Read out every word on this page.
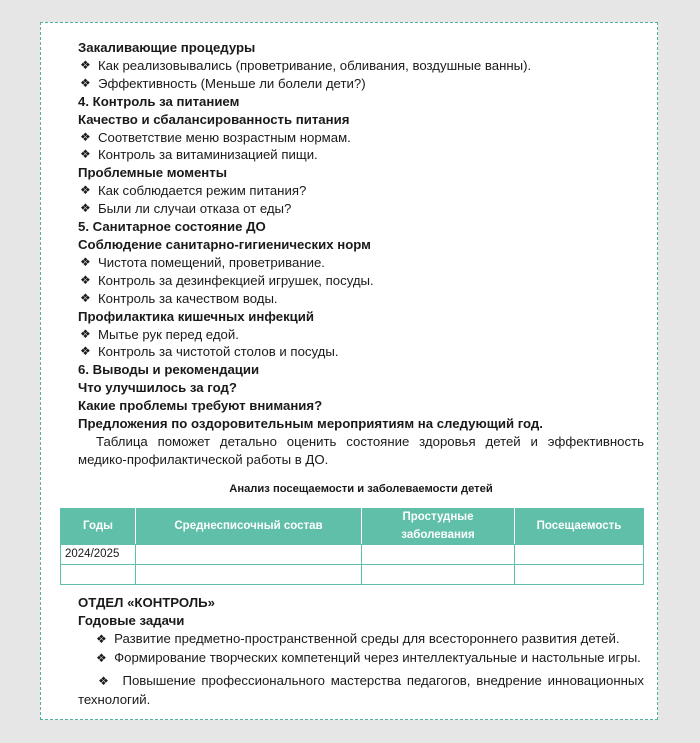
Закаливающие процедуры
❖ Как реализовывались (проветривание, обливания, воздушные ванны).
❖ Эффективность (Меньше ли болели дети?)
4. Контроль за питанием
Качество и сбалансированность питания
❖ Соответствие меню возрастным нормам.
❖ Контроль за витаминизацией пищи.
Проблемные моменты
❖ Как соблюдается режим питания?
❖ Были ли случаи отказа от еды?
5. Санитарное состояние ДО
Соблюдение санитарно-гигиенических норм
❖ Чистота помещений, проветривание.
❖ Контроль за дезинфекцией игрушек, посуды.
❖ Контроль за качеством воды.
Профилактика кишечных инфекций
❖ Мытье рук перед едой.
❖ Контроль за чистотой столов и посуды.
6. Выводы и рекомендации
Что улучшилось за год?
Какие проблемы требуют внимания?
Предложения по оздоровительным мероприятиям на следующий год.
Таблица поможет детально оценить состояние здоровья детей и эффективность медико-профилактической работы в ДО.
Анализ посещаемости и заболеваемости детей
Годы	Среднесписочный состав	Простудные заболевания	Посещаемость
2024/2025			

ОТДЕЛ «КОНТРОЛЬ»
Годовые задачи
❖ Развитие предметно-пространственной среды для всестороннего развития детей.
❖ Формирование творческих компетенций через интеллектуальные и настольные игры.
❖ Повышение профессионального мастерства педагогов, внедрение инновационных технологий.
